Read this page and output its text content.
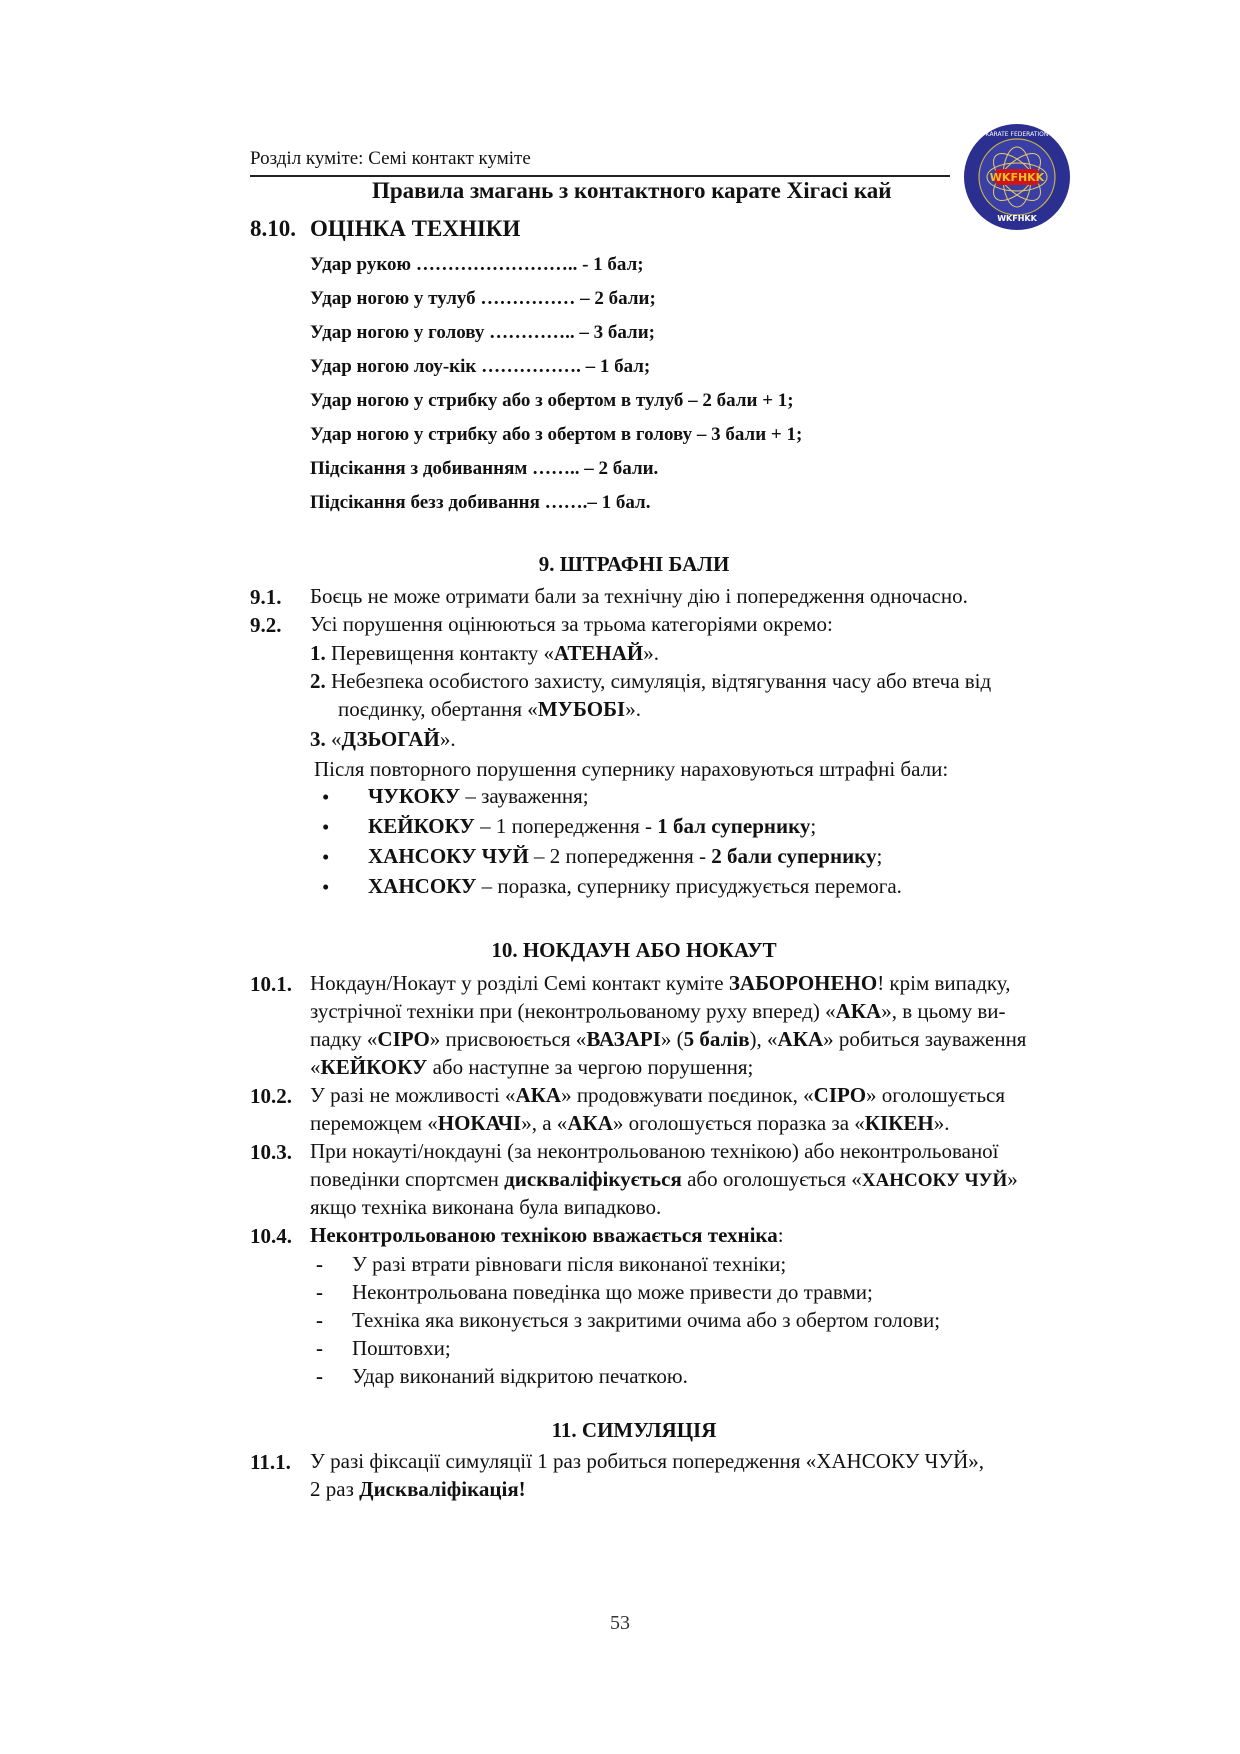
Розділ куміте: Семі контакт куміте
Правила змагань з контактного карате Хігасі кай
WKFHKK
WKFHKK
KARATE FEDERATION
8.10. ОЦІНКА ТЕХНІКИ
Удар рукою …………………….. - 1 бал;
Удар ногою у тулуб …………… – 2 бали;
Удар ногою у голову ………….. – 3 бали;
Удар ногою лоу-кік ……………. – 1 бал;
Удар ногою у стрибку або з обертом в тулуб – 2 бали + 1;
Удар ногою у стрибку або з обертом в голову – 3 бали + 1;
Підсікання з добиванням …….. – 2 бали.
Підсікання безз добивання …….– 1 бал.
9. ШТРАФНІ БАЛИ
9.1. Боєць не може отримати бали за технічну дію і попередження одночасно.
9.2. Усі порушення оцінюються за трьома категоріями окремо:
1. Перевищення контакту «АТЕНАЙ».
2. Небезпека особистого захисту, симуляція, відтягування часу або втеча від
поєдинку, обертання «МУБОБІ».
3. «ДЗЬОГАЙ».
Після повторного порушення супернику нараховуються штрафні бали:
• ЧУКОКУ – зауваження;
• КЕЙКОКУ – 1 попередження - 1 бал супернику;
• ХАНСОКУ ЧУЙ – 2 попередження - 2 бали супернику;
• ХАНСОКУ – поразка, супернику присуджується перемога.
10. НОКДАУН АБО НОКАУТ
10.1. Нокдаун/Нокаут у розділі Семі контакт куміте ЗАБОРОНЕНО! крім випадку,
зустрічної техніки при (неконтрольованому руху вперед) «АКА», в цьому ви-
падку «СІРО» присвоюється «ВАЗАРІ» (5 балів), «АКА» робиться зауваження
«КЕЙКОКУ або наступне за чергою порушення;
10.2. У разі не можливості «АКА» продовжувати поєдинок, «СІРО» оголошується
переможцем «НОКАЧІ», а «АКА» оголошується поразка за «КІКЕН».
10.3. При нокауті/нокдауні (за неконтрольованою технікою) або неконтрольованої
поведінки спортсмен дискваліфікується або оголошується «ХАНСОКУ ЧУЙ»
якщо техніка виконана була випадково.
10.4. Неконтрольованою технікою вважається техніка:
- У разі втрати рівноваги після виконаної техніки;
- Неконтрольована поведінка що може привести до травми;
- Техніка яка виконується з закритими очима або з обертом голови;
- Поштовхи;
- Удар виконаний відкритою печаткою.
11. СИМУЛЯЦІЯ
11.1. У разі фіксації симуляції 1 раз робиться попередження «ХАНСОКУ ЧУЙ»,
2 раз Дискваліфікація!
53
